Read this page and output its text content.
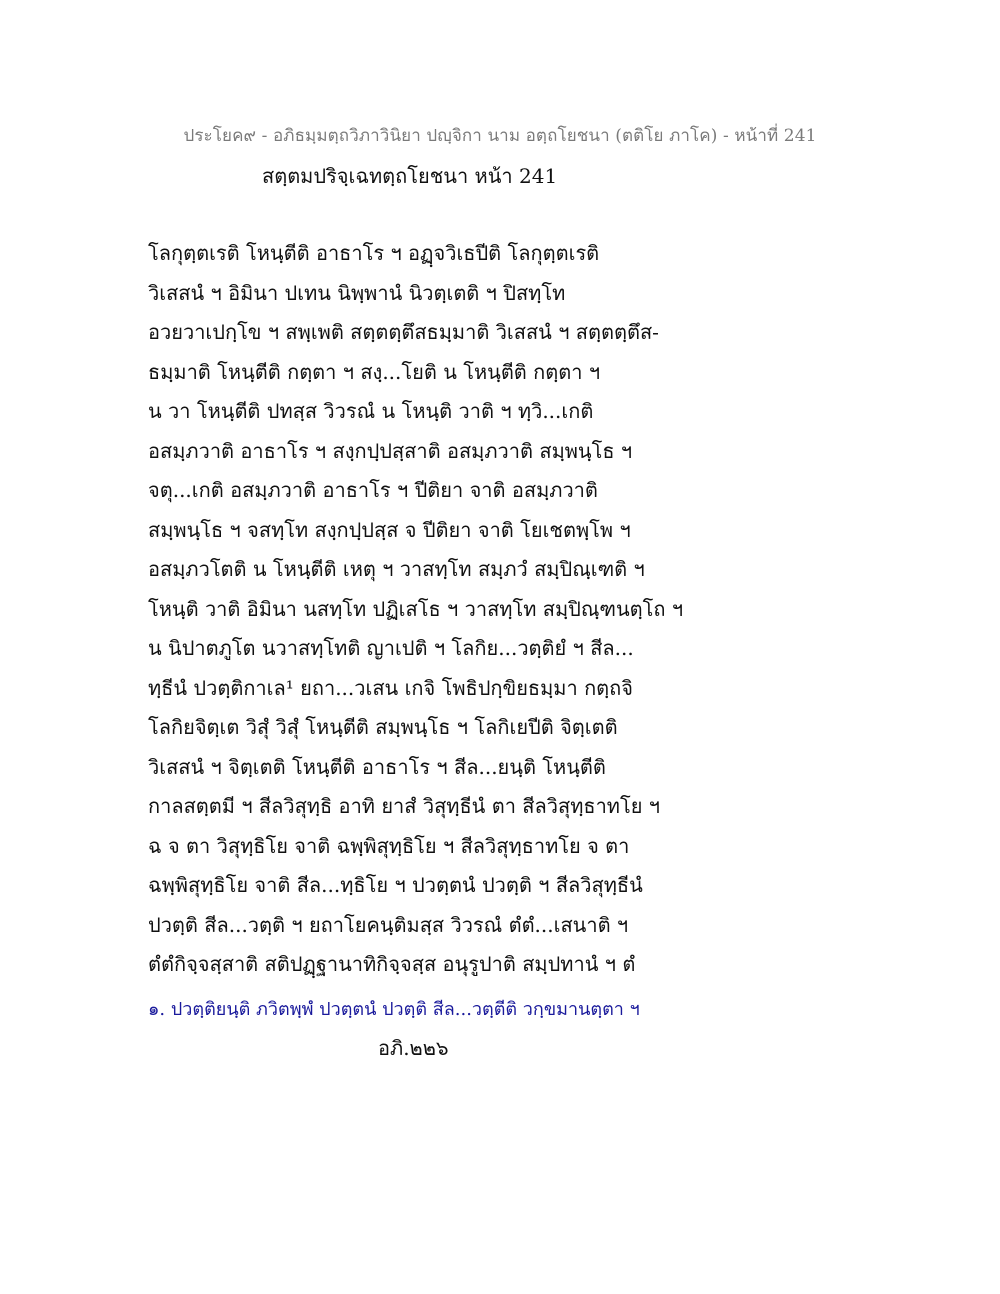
ประโยค๙ - อภิธมฺมตฺถวิภาวินิยา ปญฺจิกา นาม อตฺถโยชนา (ตติโย ภาโค) - หน้าที่ 241
สตฺตมปริจฺเฉทตฺถโยชนา หน้า 241
โลกุตฺตเรติ โหนฺตีติ อาธาโร ฯ อฏฺจวิเธปีติ โลกุตฺตเรติ
วิเสสนํ ฯ อิมินา ปเทน นิพฺพานํ นิวตฺเตติ ฯ ปิสทฺโท
อวยวาเปกฺโข ฯ สพฺเพติ สตฺตตฺตึสธมฺมาติ วิเสสนํ ฯ สตฺตตฺตึส-
ธมฺมาติ โหนฺตีติ กตฺตา ฯ สงฺ...โยติ น โหนฺตีติ กตฺตา ฯ
น วา โหนฺตีติ ปทสฺส วิวรณํ น โหนฺติ วาติ ฯ ทฺวิ...เกติ
อสมฺภวาติ อาธาโร ฯ สงฺกปฺปสฺสาติ อสมฺภวาติ สมฺพนฺโธ ฯ
จตุ...เกติ อสมฺภวาติ อาธาโร ฯ ปีติยา จาติ อสมฺภวาติ
สมฺพนฺโธ ฯ จสทฺโท สงฺกปฺปสฺส จ ปีติยา จาติ โยเชตพฺโพ ฯ
อสมฺภวโตติ น โหนฺตีติ เหตุ ฯ วาสทฺโท สมฺภวํ สมฺปิณฺเฑติ ฯ
โหนฺติ วาติ อิมินา นสทฺโท ปฏิเสโธ ฯ วาสทฺโท สมฺปิณฺฑนตฺโถ ฯ
น นิปาตภูโต นวาสทฺโทติ ญาเปติ ฯ โลกิย...วตฺติยํ ฯ สีล...
ทฺธีนํ ปวตฺติกาเล¹ ยถา...วเสน เกจิ โพธิปกฺขิยธมฺมา กตฺถจิ
โลกิยจิตฺเต วิสุํ วิสุํ โหนฺตีติ สมฺพนฺโธ ฯ โลกิเยปีติ จิตฺเตติ
วิเสสนํ ฯ จิตฺเตติ โหนฺตีติ อาธาโร ฯ สีล...ยนฺติ โหนฺตีติ
กาลสตฺตมี ฯ สีลวิสุทฺธิ อาทิ ยาสํ วิสุทฺธีนํ ตา สีลวิสุทฺธาทโย ฯ
ฉ จ ตา วิสุทฺธิโย จาติ ฉพฺพิสุทฺธิโย ฯ สีลวิสุทฺธาทโย จ ตา
ฉพฺพิสุทฺธิโย จาติ สีล...ทฺธิโย ฯ ปวตฺตนํ ปวตฺติ ฯ สีลวิสุทฺธีนํ
ปวตฺติ สีล...วตฺติ ฯ ยถาโยคนฺติมสฺส วิวรณํ ตํตํ...เสนาติ ฯ
ตํตํกิจฺจสฺสาติ สติปฏฺฐานาทิกิจฺจสฺส อนุรูปาติ สมฺปทานํ ฯ ตํ
๑. ปวตฺติยนฺติ ภวิตพฺพํ ปวตฺตนํ ปวตฺติ สีล...วตฺตีติ วกฺขมานตฺตา ฯ
อภิ.๒๒๖
